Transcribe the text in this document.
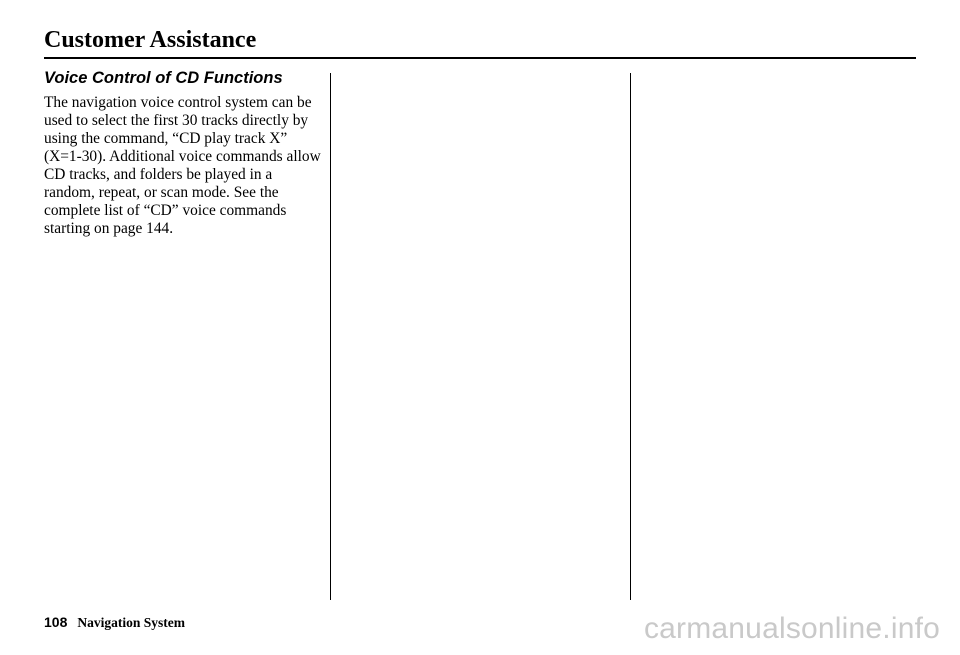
Customer Assistance
Voice Control of CD Functions

The navigation voice control system can be used to select the first 30 tracks directly by using the command, “CD play track X” (X=1-30). Additional voice commands allow CD tracks, and folders be played in a random, repeat, or scan mode. See the complete list of “CD” voice commands starting on page 144.

108 Navigation System	carmanualsonline.info
